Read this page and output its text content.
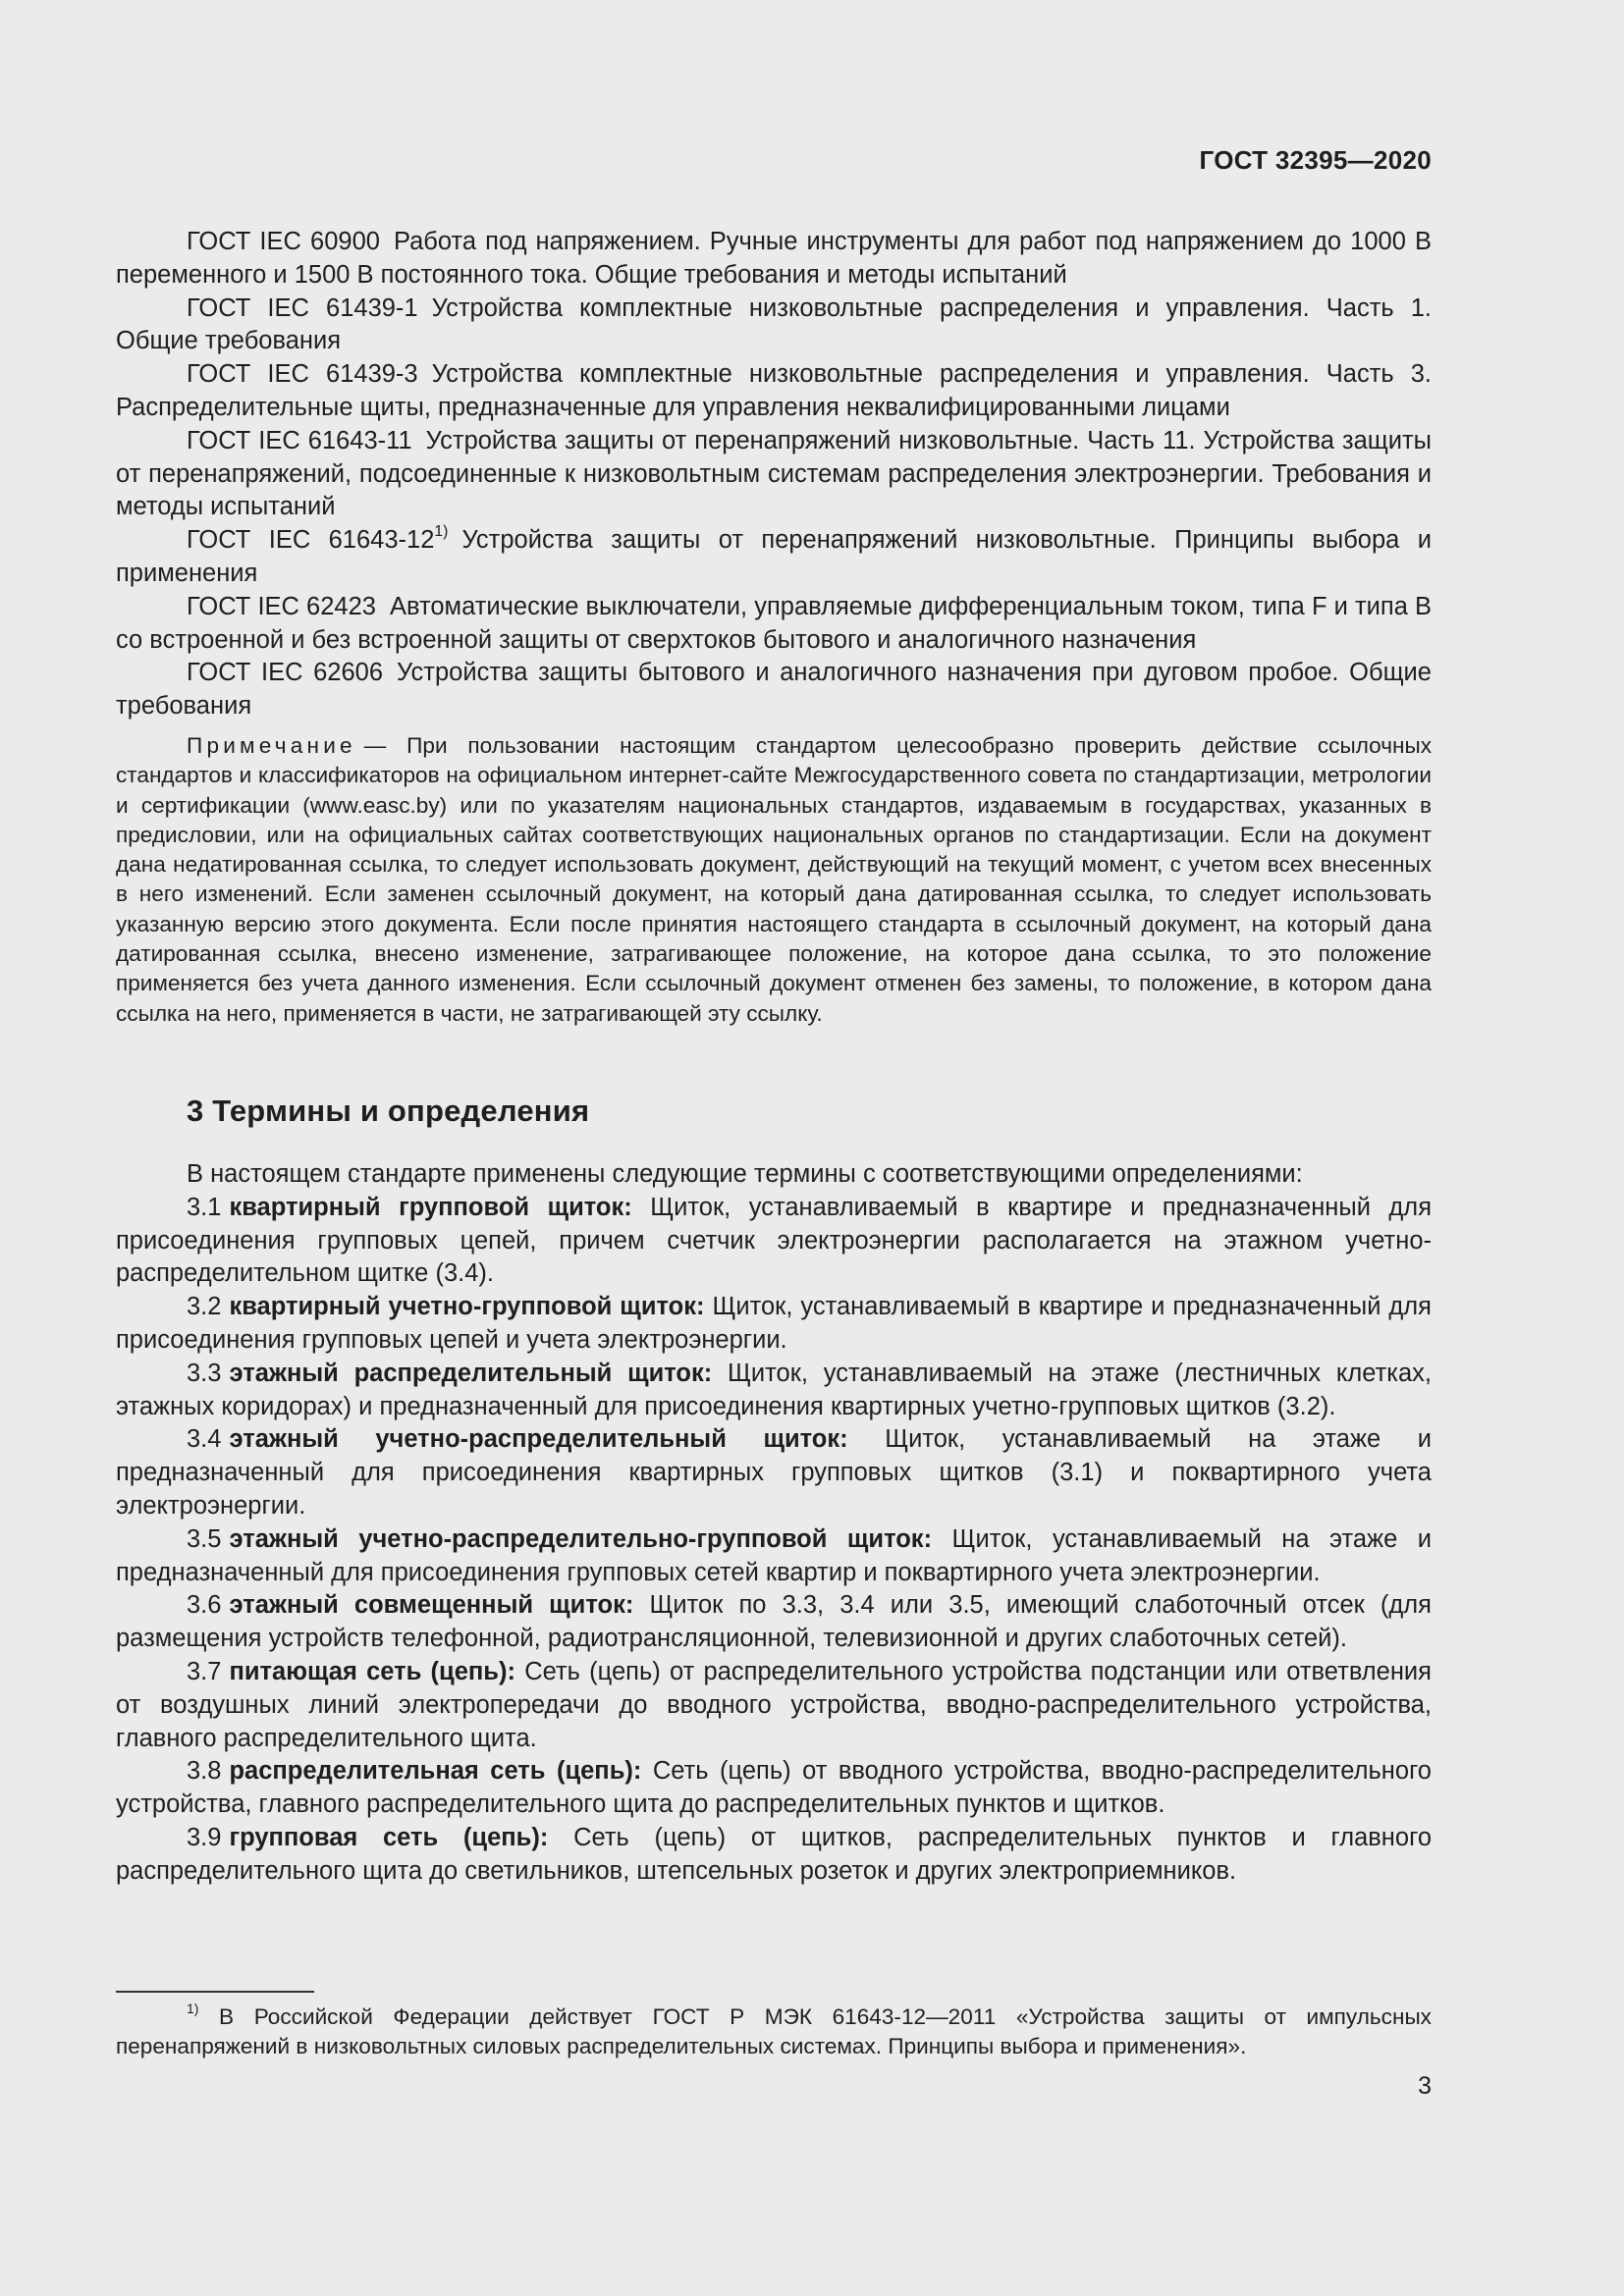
ГОСТ 32395—2020

ГОСТ IEC 60900 Работа под напряжением. Ручные инструменты для работ под напряжением до 1000 В переменного и 1500 В постоянного тока. Общие требования и методы испытаний

ГОСТ IEC 61439-1 Устройства комплектные низковольтные распределения и управления. Часть 1. Общие требования

ГОСТ IEC 61439-3 Устройства комплектные низковольтные распределения и управления. Часть 3. Распределительные щиты, предназначенные для управления неквалифицированными лицами

ГОСТ IEC 61643-11 Устройства защиты от перенапряжений низковольтные. Часть 11. Устройства защиты от перенапряжений, подсоединенные к низковольтным системам распределения электроэнергии. Требования и методы испытаний

ГОСТ IEC 61643-12$^{1)}$ Устройства защиты от перенапряжений низковольтные. Принципы выбора и применения

ГОСТ IEC 62423 Автоматические выключатели, управляемые дифференциальным током, типа F и типа B со встроенной и без встроенной защиты от сверхтоков бытового и аналогичного назначения

ГОСТ IEC 62606 Устройства защиты бытового и аналогичного назначения при дуговом пробое. Общие требования

Примечание — При пользовании настоящим стандартом целесообразно проверить действие ссылочных стандартов и классификаторов на официальном интернет-сайте Межгосударственного совета по стандартизации, метрологии и сертификации (www.easc.by) или по указателям национальных стандартов, издаваемым в государствах, указанных в предисловии, или на официальных сайтах соответствующих национальных органов по стандартизации. Если на документ дана недатированная ссылка, то следует использовать документ, действующий на текущий момент, с учетом всех внесенных в него изменений. Если заменен ссылочный документ, на который дана датированная ссылка, то следует использовать указанную версию этого документа. Если после принятия настоящего стандарта в ссылочный документ, на который дана датированная ссылка, внесено изменение, затрагивающее положение, на которое дана ссылка, то это положение применяется без учета данного изменения. Если ссылочный документ отменен без замены, то положение, в котором дана ссылка на него, применяется в части, не затрагивающей эту ссылку.

3 Термины и определения

В настоящем стандарте применены следующие термины с соответствующими определениями:

3.1 квартирный групповой щиток: Щиток, устанавливаемый в квартире и предназначенный для присоединения групповых цепей, причем счетчик электроэнергии располагается на этажном учетно-распределительном щитке (3.4).

3.2 квартирный учетно-групповой щиток: Щиток, устанавливаемый в квартире и предназначенный для присоединения групповых цепей и учета электроэнергии.

3.3 этажный распределительный щиток: Щиток, устанавливаемый на этаже (лестничных клетках, этажных коридорах) и предназначенный для присоединения квартирных учетно-групповых щитков (3.2).

3.4 этажный учетно-распределительный щиток: Щиток, устанавливаемый на этаже и предназначенный для присоединения квартирных групповых щитков (3.1) и поквартирного учета электроэнергии.

3.5 этажный учетно-распределительно-групповой щиток: Щиток, устанавливаемый на этаже и предназначенный для присоединения групповых сетей квартир и поквартирного учета электроэнергии.

3.6 этажный совмещенный щиток: Щиток по 3.3, 3.4 или 3.5, имеющий слаботочный отсек (для размещения устройств телефонной, радиотрансляционной, телевизионной и других слаботочных сетей).

3.7 питающая сеть (цепь): Сеть (цепь) от распределительного устройства подстанции или ответвления от воздушных линий электропередачи до вводного устройства, вводно-распределительного устройства, главного распределительного щита.

3.8 распределительная сеть (цепь): Сеть (цепь) от вводного устройства, вводно-распределительного устройства, главного распределительного щита до распределительных пунктов и щитков.

3.9 групповая сеть (цепь): Сеть (цепь) от щитков, распределительных пунктов и главного распределительного щита до светильников, штепсельных розеток и других электроприемников.

$^{1)}$ В Российской Федерации действует ГОСТ Р МЭК 61643-12—2011 «Устройства защиты от импульсных перенапряжений в низковольтных силовых распределительных системах. Принципы выбора и применения».

3
